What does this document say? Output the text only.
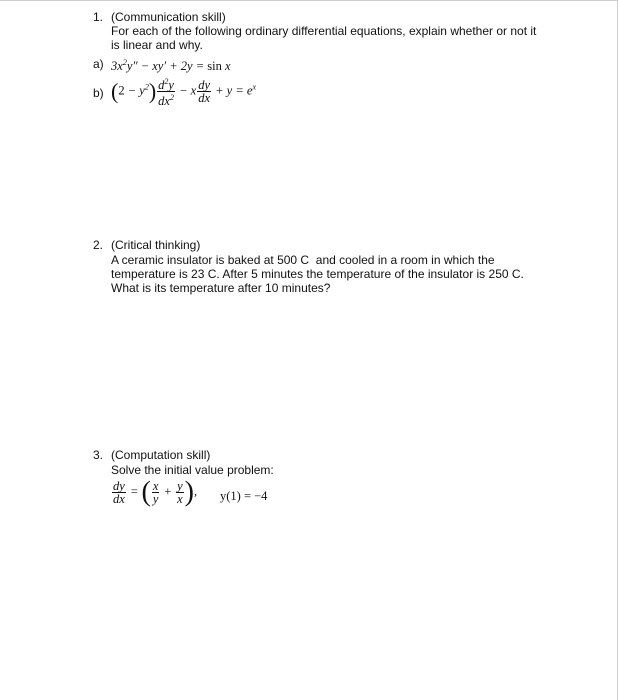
1. (Communication skill)
For each of the following ordinary differential equations, explain whether or not it
is linear and why.
a) $3x^2y'' - xy' + 2y = \sin x$
b) $(2 - y^2) \frac{d^2y}{dx^2} - x \frac{dy}{dx} + y = e^x$
2. (Critical thinking)
A ceramic insulator is baked at 500 C  and cooled in a room in which the
temperature is 23 C. After 5 minutes the temperature of the insulator is 250 C.
What is its temperature after 10 minutes?
3. (Computation skill)
Solve the initial value problem:
$\frac{dy}{dx}$ = ( $\frac{x}{y} + \frac{y}{x}$ ), y(1) = −4
